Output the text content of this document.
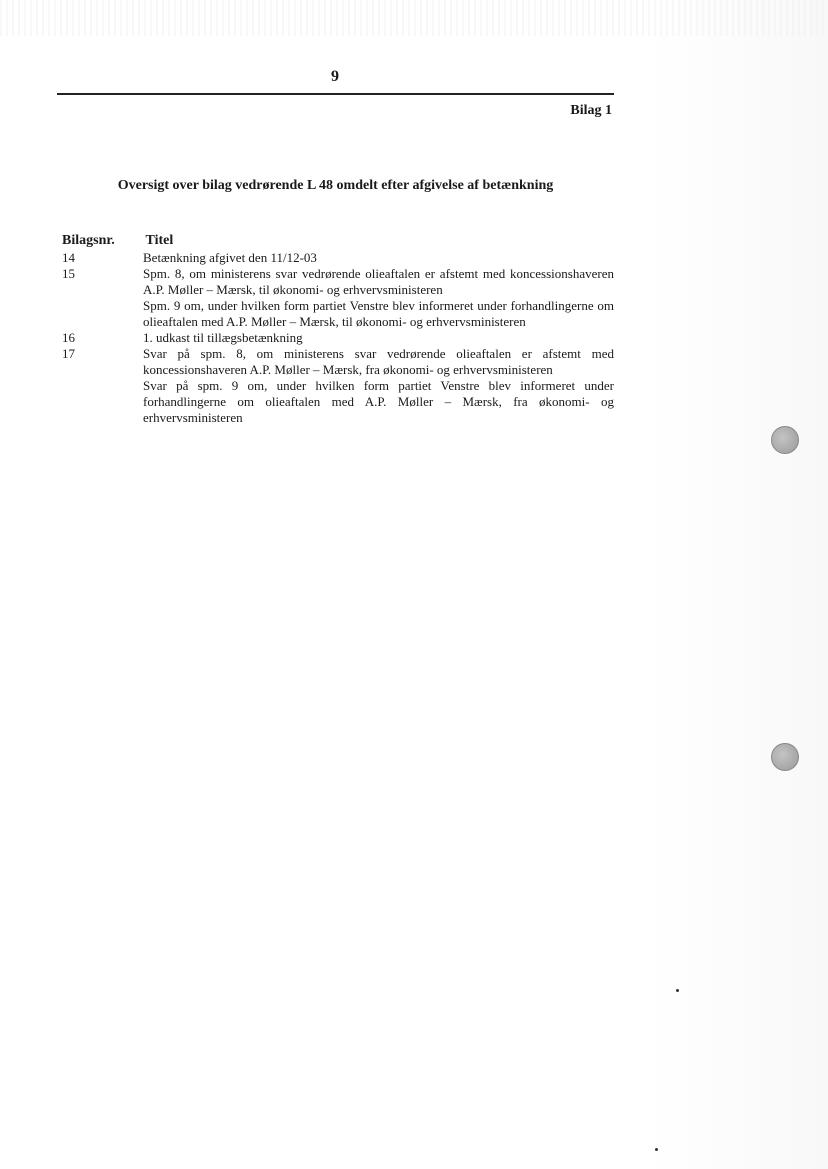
9
Bilag 1
Oversigt over bilag vedrørende L 48 omdelt efter afgivelse af betænkning
Bilagsnr. Titel
14	Betænkning afgivet den 11/12-03

15	Spm. 8, om ministerens svar vedrørende olieaftalen er afstemt med koncessionshaveren A.P. Møller – Mærsk, til økonomi- og erhvervsministeren

Spm. 9 om, under hvilken form partiet Venstre blev informeret under forhandlingerne om olieaftalen med A.P. Møller – Mærsk, til økonomi- og erhvervsministeren

16	1. udkast til tillægsbetænkning

17	Svar på spm. 8, om ministerens svar vedrørende olieaftalen er afstemt med koncessionshaveren A.P. Møller – Mærsk, fra økonomi- og erhvervsministeren

Svar på spm. 9 om, under hvilken form partiet Venstre blev informeret under forhandlingerne om olieaftalen med A.P. Møller – Mærsk, fra økonomi- og erhvervsministeren
